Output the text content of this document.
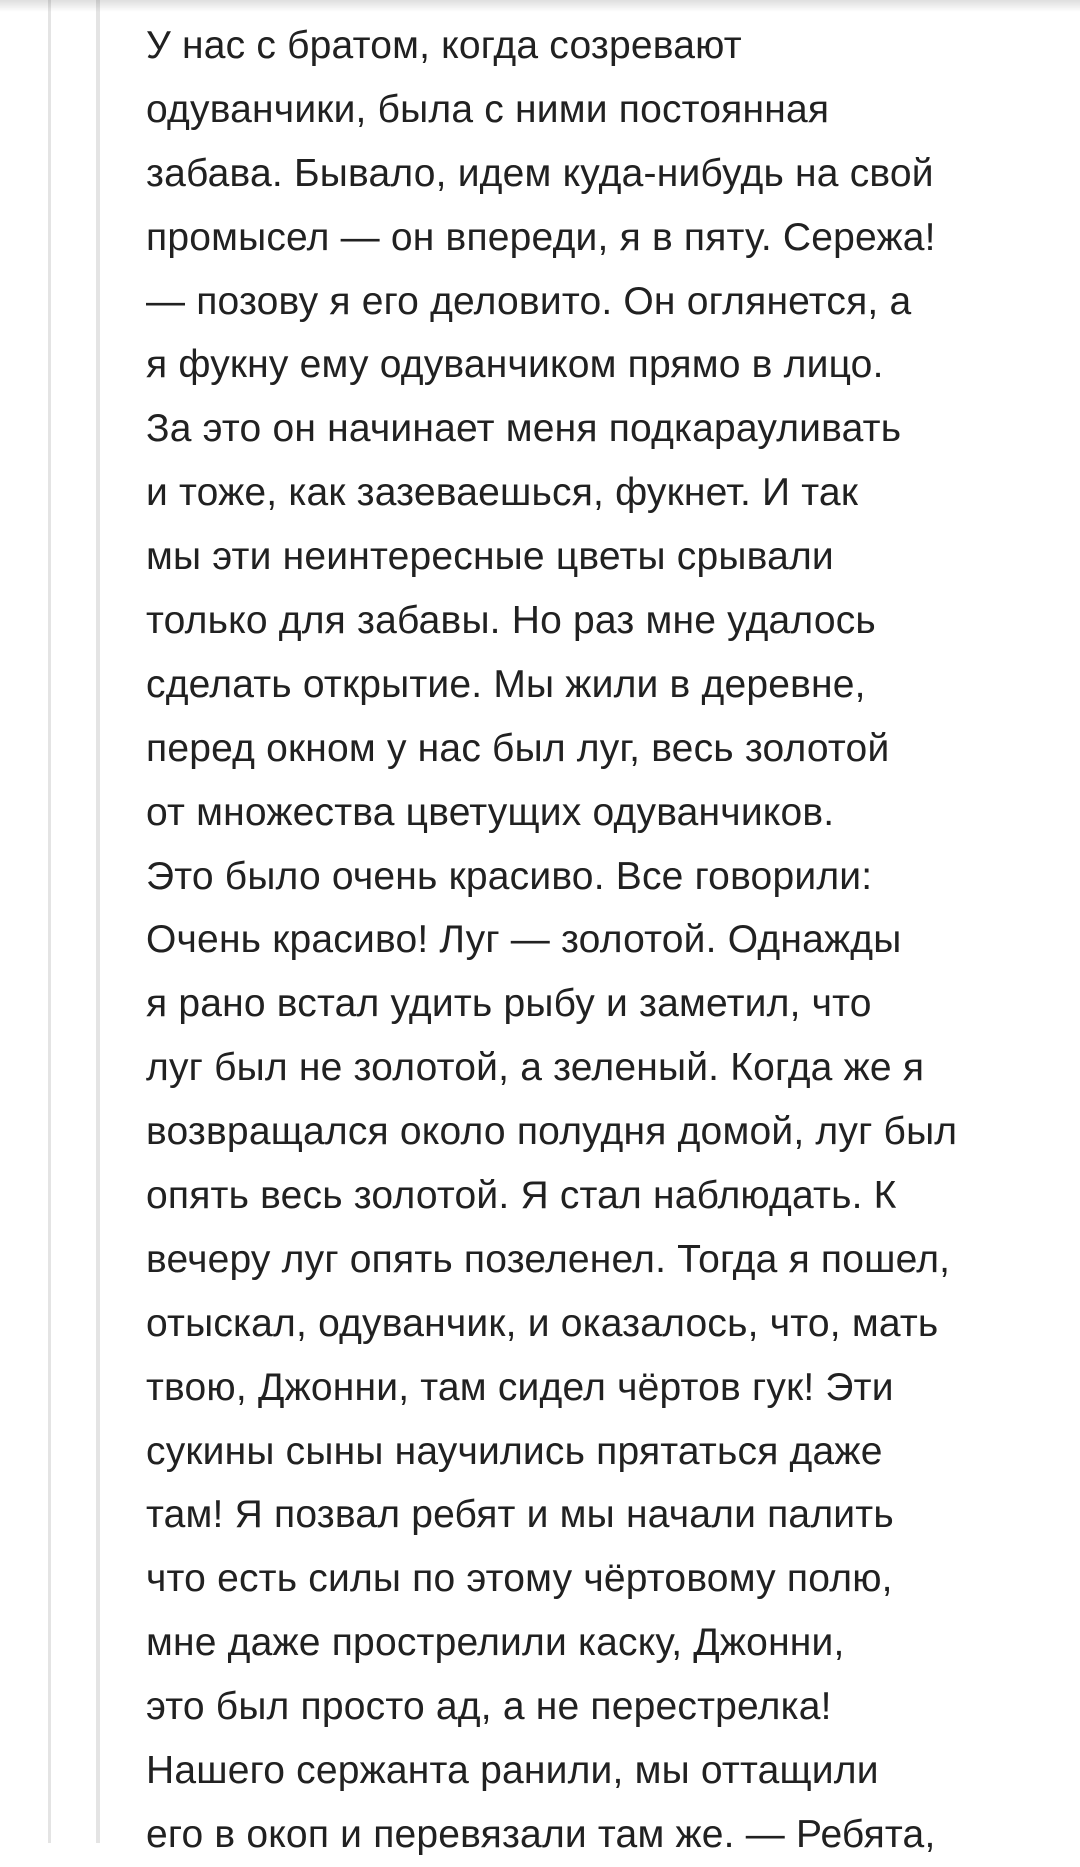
У нас с братом, когда созревают
одуванчики, была с ними постоянная
забава. Бывало, идем куда-нибудь на свой
промысел — он впереди, я в пяту. Сережа!
— позову я его деловито. Он оглянется, а
я фукну ему одуванчиком прямо в лицо.
За это он начинает меня подкарауливать
и тоже, как зазеваешься, фукнет. И так
мы эти неинтересные цветы срывали
только для забавы. Но раз мне удалось
сделать открытие. Мы жили в деревне,
перед окном у нас был луг, весь золотой
от множества цветущих одуванчиков.
Это было очень красиво. Все говорили:
Очень красиво! Луг — золотой. Однажды
я рано встал удить рыбу и заметил, что
луг был не золотой, а зеленый. Когда же я
возвращался около полудня домой, луг был
опять весь золотой. Я стал наблюдать. К
вечеру луг опять позеленел. Тогда я пошел,
отыскал, одуванчик, и оказалось, что, мать
твою, Джонни, там сидел чёртов гук! Эти
сукины сыны научились прятаться даже
там! Я позвал ребят и мы начали палить
что есть силы по этому чёртовому полю,
мне даже прострелили каску, Джонни,
это был просто ад, а не перестрелка!
Нашего сержанта ранили, мы оттащили
его в окоп и перевязали там же. — Ребята,
